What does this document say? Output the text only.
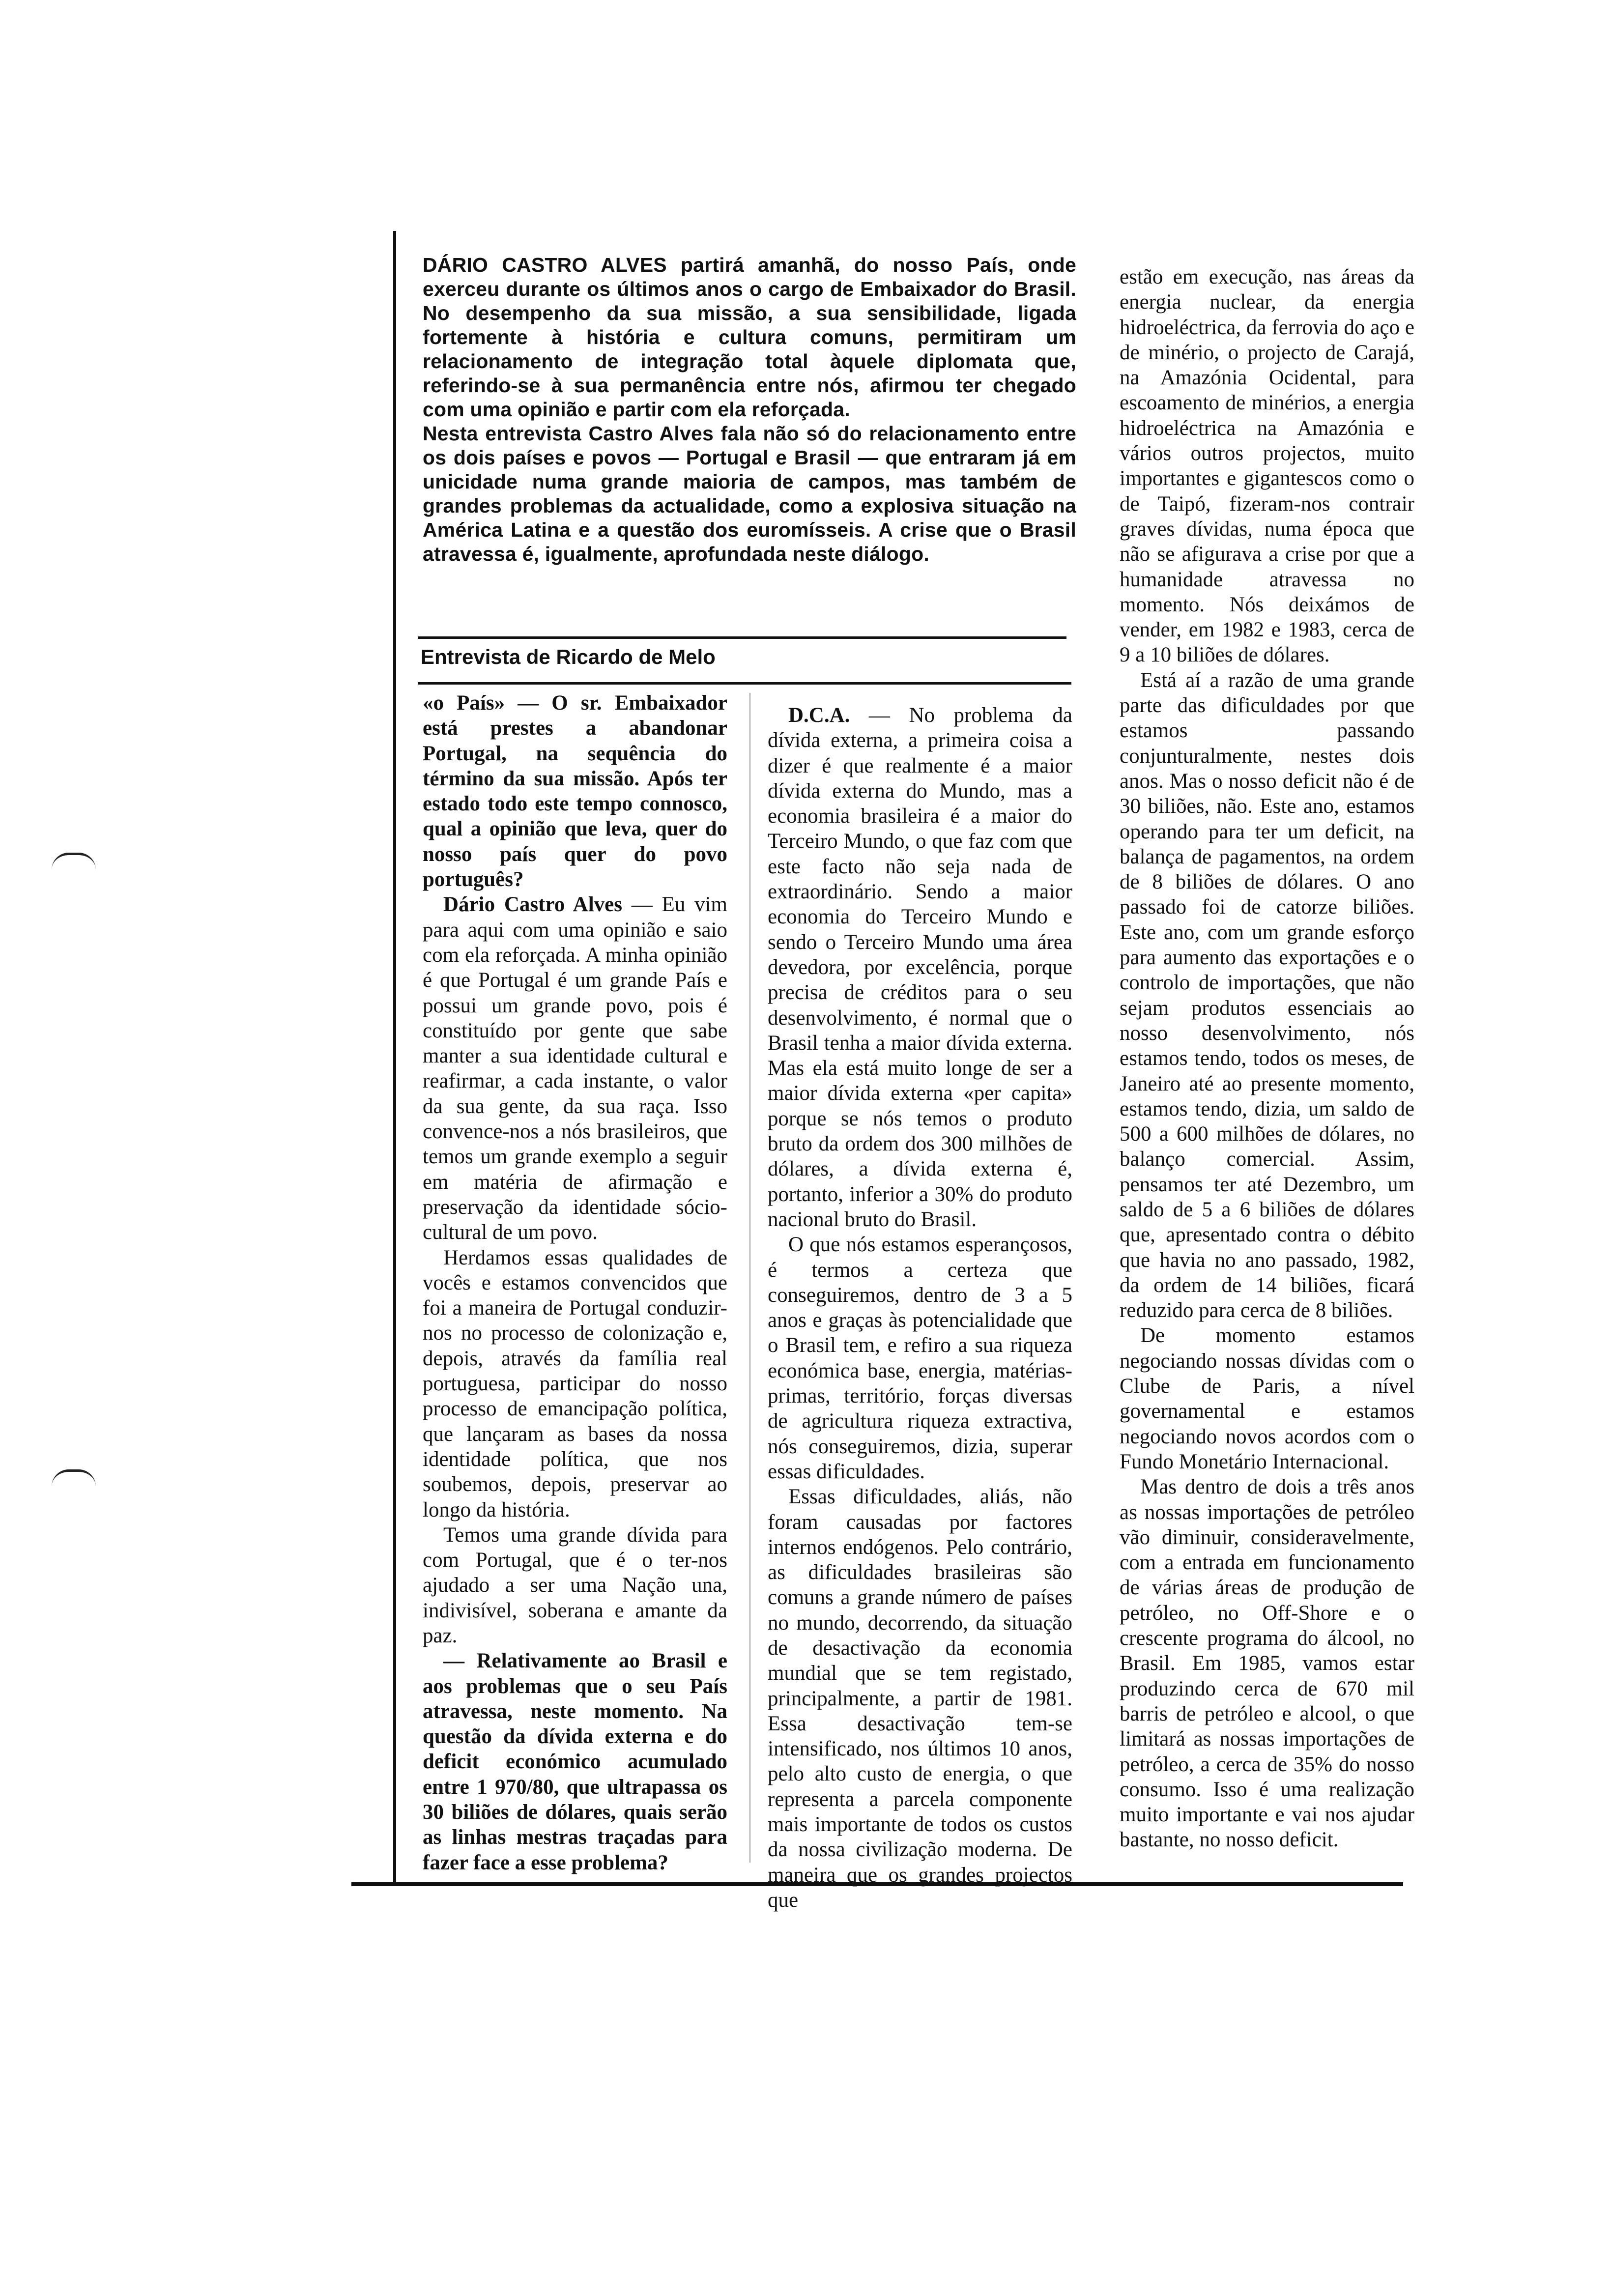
DÁRIO CASTRO ALVES partirá amanhã, do nosso País, onde exerceu durante os últimos anos o cargo de Embaixador do Brasil. No desempenho da sua missão, a sua sensibilidade, ligada fortemente à história e cultura comuns, permitiram um relacionamento de integração total àquele diplomata que, referindo-se à sua permanência entre nós, afirmou ter chegado com uma opinião e partir com ela reforçada.

Nesta entrevista Castro Alves fala não só do relacionamento entre os dois países e povos — Portugal e Brasil — que entraram já em unicidade numa grande maioria de campos, mas também de grandes problemas da actualidade, como a explosiva situação na América Latina e a questão dos euromísseis. A crise que o Brasil atravessa é, igualmente, aprofundada neste diálogo.

Entrevista de Ricardo de Melo

«o País» — O sr. Embaixador está prestes a abandonar Portugal, na sequência do término da sua missão. Após ter estado todo este tempo connosco, qual a opinião que leva, quer do nosso país quer do povo português?

Dário Castro Alves — Eu vim para aqui com uma opinião e saio com ela reforçada. A minha opinião é que Portugal é um grande País e possui um grande povo, pois é constituído por gente que sabe manter a sua identidade cultural e reafirmar, a cada instante, o valor da sua gente, da sua raça. Isso convence-nos a nós brasileiros, que temos um grande exemplo a seguir em matéria de afirmação e preservação da identidade sócio-cultural de um povo.

Herdamos essas qualidades de vocês e estamos convencidos que foi a maneira de Portugal conduzir-nos no processo de colonização e, depois, através da família real portuguesa, participar do nosso processo de emancipação política, que lançaram as bases da nossa identidade política, que nos soubemos, depois, preservar ao longo da história.

Temos uma grande dívida para com Portugal, que é o ter-nos ajudado a ser uma Nação una, indivisível, soberana e amante da paz.

— Relativamente ao Brasil e aos problemas que o seu País atravessa, neste momento. Na questão da dívida externa e do deficit económico acumulado entre 1 970/80, que ultrapassa os 30 biliões de dólares, quais serão as linhas mestras traçadas para fazer face a esse problema?

D.C.A. — No problema da dívida externa, a primeira coisa a dizer é que realmente é a maior dívida externa do Mundo, mas a economia brasileira é a maior do Terceiro Mundo, o que faz com que este facto não seja nada de extraordinário. Sendo a maior economia do Terceiro Mundo e sendo o Terceiro Mundo uma área devedora, por excelência, porque precisa de créditos para o seu desenvolvimento, é normal que o Brasil tenha a maior dívida externa. Mas ela está muito longe de ser a maior dívida externa «per capita» porque se nós temos o produto bruto da ordem dos 300 milhões de dólares, a dívida externa é, portanto, inferior a 30% do produto nacional bruto do Brasil.

O que nós estamos esperançosos, é termos a certeza que conseguiremos, dentro de 3 a 5 anos e graças às potencialidade que o Brasil tem, e refiro a sua riqueza económica base, energia, matérias-primas, território, forças diversas de agricultura riqueza extractiva, nós conseguiremos, dizia, superar essas dificuldades.

Essas dificuldades, aliás, não foram causadas por factores internos endógenos. Pelo contrário, as dificuldades brasileiras são comuns a grande número de países no mundo, decorrendo, da situação de desactivação da economia mundial que se tem registado, principalmente, a partir de 1981. Essa desactivação tem-se intensificado, nos últimos 10 anos, pelo alto custo de energia, o que representa a parcela componente mais importante de todos os custos da nossa civilização moderna. De maneira que os grandes projectos que

estão em execução, nas áreas da energia nuclear, da energia hidroeléctrica, da ferrovia do aço e de minério, o projecto de Carajá, na Amazónia Ocidental, para escoamento de minérios, a energia hidroeléctrica na Amazónia e vários outros projectos, muito importantes e gigantescos como o de Taipó, fizeram-nos contrair graves dívidas, numa época que não se afigurava a crise por que a humanidade atravessa no momento. Nós deixámos de vender, em 1982 e 1983, cerca de 9 a 10 biliões de dólares.

Está aí a razão de uma grande parte das dificuldades por que estamos passando conjunturalmente, nestes dois anos. Mas o nosso deficit não é de 30 biliões, não. Este ano, estamos operando para ter um deficit, na balança de pagamentos, na ordem de 8 biliões de dólares. O ano passado foi de catorze biliões. Este ano, com um grande esforço para aumento das exportações e o controlo de importações, que não sejam produtos essenciais ao nosso desenvolvimento, nós estamos tendo, todos os meses, de Janeiro até ao presente momento, estamos tendo, dizia, um saldo de 500 a 600 milhões de dólares, no balanço comercial. Assim, pensamos ter até Dezembro, um saldo de 5 a 6 biliões de dólares que, apresentado contra o débito que havia no ano passado, 1982, da ordem de 14 biliões, ficará reduzido para cerca de 8 biliões.

De momento estamos negociando nossas dívidas com o Clube de Paris, a nível governamental e estamos negociando novos acordos com o Fundo Monetário Internacional.

Mas dentro de dois a três anos as nossas importações de petróleo vão diminuir, consideravelmente, com a entrada em funcionamento de várias áreas de produção de petróleo, no Off-Shore e o crescente programa do álcool, no Brasil. Em 1985, vamos estar produzindo cerca de 670 mil barris de petróleo e alcool, o que limitará as nossas importações de petróleo, a cerca de 35% do nosso consumo. Isso é uma realização muito importante e vai nos ajudar bastante, no nosso deficit.
